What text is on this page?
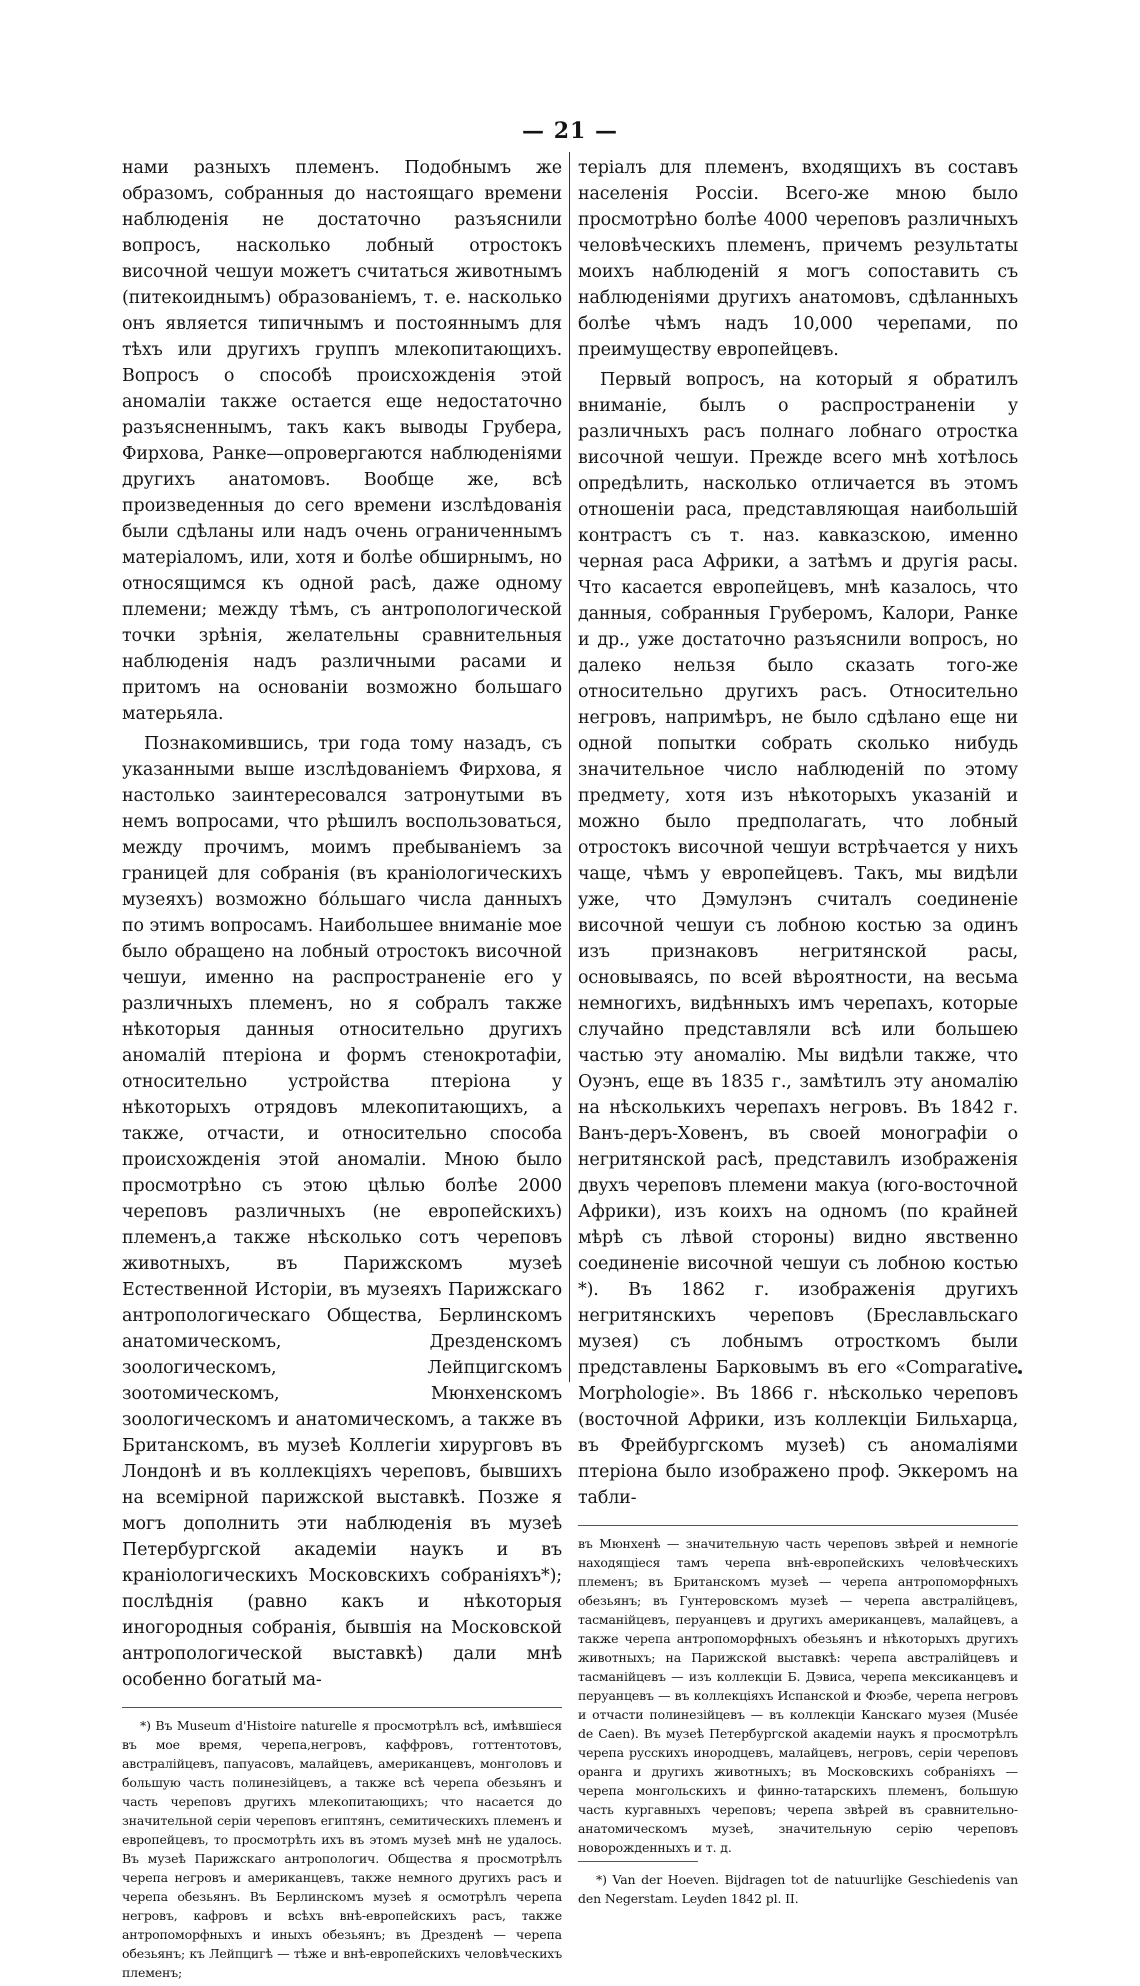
— 21 —

нами разныхъ племенъ. Подобнымъ же образомъ, собранныя до настоящаго времени наблюденія не достаточно разъяснили вопросъ, насколько лобный отростокъ височной чешуи можетъ считаться животнымъ (питекоиднымъ) образованіемъ, т. е. насколько онъ является типичнымъ и постояннымъ для тѣхъ или другихъ группъ млекопитающихъ. Вопросъ о способѣ происхожденія этой аномаліи также остается еще недостаточно разъясненнымъ, такъ какъ выводы Грубера, Фирхова, Ранке—опровергаются наблюденіями другихъ анатомовъ. Вообще же, всѣ произведенныя до сего времени изслѣдованія были сдѣланы или надъ очень ограниченнымъ матеріаломъ, или, хотя и болѣе обширнымъ, но относящимся къ одной расѣ, даже одному племени; между тѣмъ, съ антропологической точки зрѣнія, желательны сравнительныя наблюденія надъ различными расами и притомъ на основаніи возможно большаго матерьяла.

Познакомившись, три года тому назадъ, съ указанными выше изслѣдованіемъ Фирхова, я настолько заинтересовался затронутыми въ немъ вопросами, что рѣшилъ воспользоваться, между прочимъ, моимъ пребываніемъ за границей для собранія (въ краніологическихъ музеяхъ) возможно бо́льшаго числа данныхъ по этимъ вопросамъ. Наибольшее вниманіе мое было обращено на лобный отростокъ височной чешуи, именно на распространеніе его у различныхъ племенъ, но я собралъ также нѣкоторыя данныя относительно другихъ аномалій птеріона и формъ стенокротафіи, относительно устройства птеріона у нѣкоторыхъ отрядовъ млекопитающихъ, а также, отчасти, и относительно способа происхожденія этой аномаліи. Мною было просмотрѣно съ этою цѣлью болѣе 2000 череповъ различныхъ (не европейскихъ) племенъ,а также нѣсколько сотъ череповъ животныхъ, въ Парижскомъ музеѣ Естественной Исторіи, въ музеяхъ Парижскаго антропологическаго Общества, Берлинскомъ анатомическомъ, Дрезденскомъ зоологическомъ, Лейпцигскомъ зоотомическомъ, Мюнхенскомъ зоологическомъ и анатомическомъ, а также въ Британскомъ, въ музеѣ Коллегіи хирурговъ въ Лондонѣ и въ коллекціяхъ череповъ, бывшихъ на всемірной парижской выставкѣ. Позже я могъ дополнить эти наблюденія въ музеѣ Петербургской академіи наукъ и въ краніологическихъ Московскихъ собраніяхъ*); послѣднія (равно какъ и нѣкоторыя иногородныя собранія, бывшія на Московской антропологической выставкѣ) дали мнѣ особенно богатый ма-

*) Въ Museum d'Histoire naturelle я просмотрѣлъ всѣ, имѣвшіеся въ мое время, черепа,негровъ, каффровъ, готтентотовъ, австралійцевъ, папуасовъ, малайцевъ, американцевъ, монголовъ и большую часть полинезійцевъ, а также всѣ черепа обезьянъ и часть череповъ другихъ млекопитающихъ; что насается до значительной серіи череповъ египтянъ, семитическихъ племенъ и европейцевъ, то просмотрѣть ихъ въ этомъ музеѣ мнѣ не удалось. Въ музеѣ Парижскаго антропологич. Общества я просмотрѣлъ черепа негровъ и американцевъ, также немного другихъ расъ и черепа обезьянъ. Въ Берлинскомъ музеѣ я осмотрѣлъ черепа негровъ, кафровъ и всѣхъ внѣ-европейскихъ расъ, также антропоморфныхъ и иныхъ обезьянъ; въ Дрезденѣ — черепа обезьянъ; къ Лейпцигѣ — тѣже и внѣ-европейскихъ человѣческихъ племенъ;

теріалъ для племенъ, входящихъ въ составъ населенія Россіи. Всего-же мною было просмотрѣно болѣе 4000 череповъ различныхъ человѣческихъ племенъ, причемъ результаты моихъ наблюденій я могъ сопоставить съ наблюденіями другихъ анатомовъ, сдѣланныхъ болѣе чѣмъ надъ 10,000 черепами, по преимуществу европейцевъ.

Первый вопросъ, на который я обратилъ вниманіе, былъ о распространеніи у различныхъ расъ полнаго лобнаго отростка височной чешуи. Прежде всего мнѣ хотѣлось опредѣлить, насколько отличается въ этомъ отношеніи раса, представляющая наибольшій контрастъ съ т. наз. кавказскою, именно черная раса Африки, а затѣмъ и другія расы. Что касается европейцевъ, мнѣ казалось, что данныя, собранныя Груберомъ, Калори, Ранке и др., уже достаточно разъяснили вопросъ, но далеко нельзя было сказать того-же относительно другихъ расъ. Относительно негровъ, напримѣръ, не было сдѣлано еще ни одной попытки собрать сколько нибудь значительное число наблюденій по этому предмету, хотя изъ нѣкоторыхъ указаній и можно было предполагать, что лобный отростокъ височной чешуи встрѣчается у нихъ чаще, чѣмъ у европейцевъ. Такъ, мы видѣли уже, что Дэмулэнъ считалъ соединеніе височной чешуи съ лобною костью за одинъ изъ признаковъ негритянской расы, основываясь, по всей вѣроятности, на весьма немногихъ, видѣнныхъ имъ черепахъ, которые случайно представляли всѣ или большею частью эту аномалію. Мы видѣли также, что Оуэнъ, еще въ 1835 г., замѣтилъ эту аномалію на нѣсколькихъ черепахъ негровъ. Въ 1842 г. Ванъ-деръ-Ховенъ, въ своей монографіи о негритянской расѣ, представилъ изображенія двухъ череповъ племени макуа (юго-восточной Африки), изъ коихъ на одномъ (по крайней мѣрѣ съ лѣвой стороны) видно явственно соединеніе височной чешуи съ лобною костью *). Въ 1862 г. изображенія другихъ негритянскихъ череповъ (Бреславльскаго музея) съ лобнымъ отросткомъ были представлены Барковымъ въ его «Comparative Morphologie». Въ 1866 г. нѣсколько череповъ (восточной Африки, изъ коллекціи Бильхарца, въ Фрейбургскомъ музеѣ) съ аномаліями птеріона было изображено проф. Эккеромъ на табли-

въ Мюнхенѣ — значительную часть череповъ звѣрей и немногіе находящіеся тамъ черепа внѣ-европейскихъ человѣческихъ племенъ; въ Британскомъ музеѣ — черепа антропоморфныхъ обезьянъ; въ Гунтеровскомъ музеѣ — черепа австралійцевъ, тасманійцевъ, перуанцевъ и другихъ американцевъ, малайцевъ, а также черепа антропоморфныхъ обезьянъ и нѣкоторыхъ другихъ животныхъ; на Парижской выставкѣ: черепа австралійцевъ и тасманійцевъ — изъ коллекціи Б. Дэвиса, черепа мексиканцевъ и перуанцевъ — въ коллекціяхъ Испанской и Фюэбе, черепа негровъ и отчасти полинезійцевъ — въ коллекціи Канскаго музея (Musée de Caen). Въ музеѣ Петербургской академіи наукъ я просмотрѣлъ черепа русскихъ инородцевъ, малайцевъ, негровъ, серіи череповъ оранга и другихъ животныхъ; въ Московскихъ собраніяхъ — черепа монгольскихъ и финно-татарскихъ племенъ, большую часть кургавныхъ череповъ; черепа звѣрей въ сравнительно-анатомическомъ музеѣ, значительную серію череповъ новорожденныхъ и т. д.

*) Van der Hoeven. Bijdragen tot de natuurlijke Geschiedenis van den Negerstam. Leyden 1842 pl. II.
